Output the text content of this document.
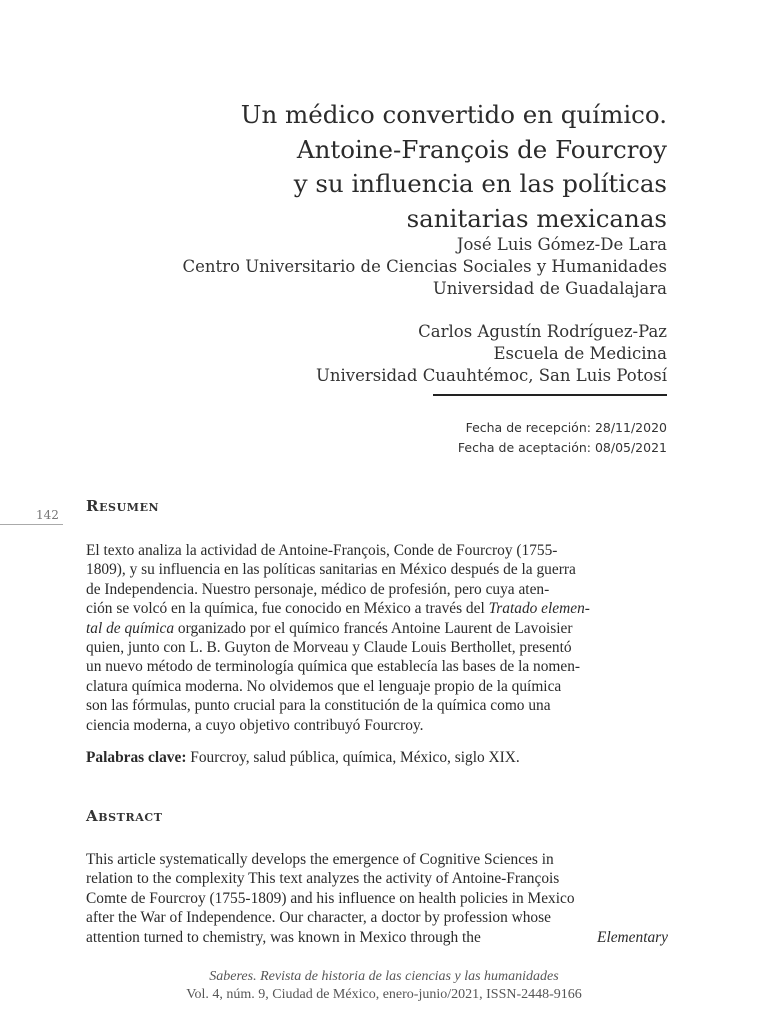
Un médico convertido en químico.
Antoine-François de Fourcroy
y su influencia en las políticas
sanitarias mexicanas
José Luis Gómez-De Lara
Centro Universitario de Ciencias Sociales y Humanidades
Universidad de Guadalajara
Carlos Agustín Rodríguez-Paz
Escuela de Medicina
Universidad Cuauhtémoc, San Luis Potosí
Fecha de recepción: 28/11/2020
Fecha de aceptación: 08/05/2021
142 Resumen
El texto analiza la actividad de Antoine-François, Conde de Fourcroy (1755-
1809), y su influencia en las políticas sanitarias en México después de la guerra
de Independencia. Nuestro personaje, médico de profesión, pero cuya aten-
ción se volcó en la química, fue conocido en México a través del Tratado elemen-
tal de química organizado por el químico francés Antoine Laurent de Lavoisier
quien, junto con L. B. Guyton de Morveau y Claude Louis Berthollet, presentó
un nuevo método de terminología química que establecía las bases de la nomen-
clatura química moderna. No olvidemos que el lenguaje propio de la química
son las fórmulas, punto crucial para la constitución de la química como una
ciencia moderna, a cuyo objetivo contribuyó Fourcroy.
Palabras clave: Fourcroy, salud pública, química, México, siglo XIX.
Abstract
This article systematically develops the emergence of Cognitive Sciences in
relation to the complexity This text analyzes the activity of Antoine-François
Comte de Fourcroy (1755-1809) and his influence on health policies in Mexico
after the War of Independence. Our character, a doctor by profession whose
attention turned to chemistry, was known in Mexico through the	Elementary
Saberes. Revista de historia de las ciencias y las humanidades
Vol. 4, núm. 9, Ciudad de México, enero-junio/2021, ISSN-2448-9166
